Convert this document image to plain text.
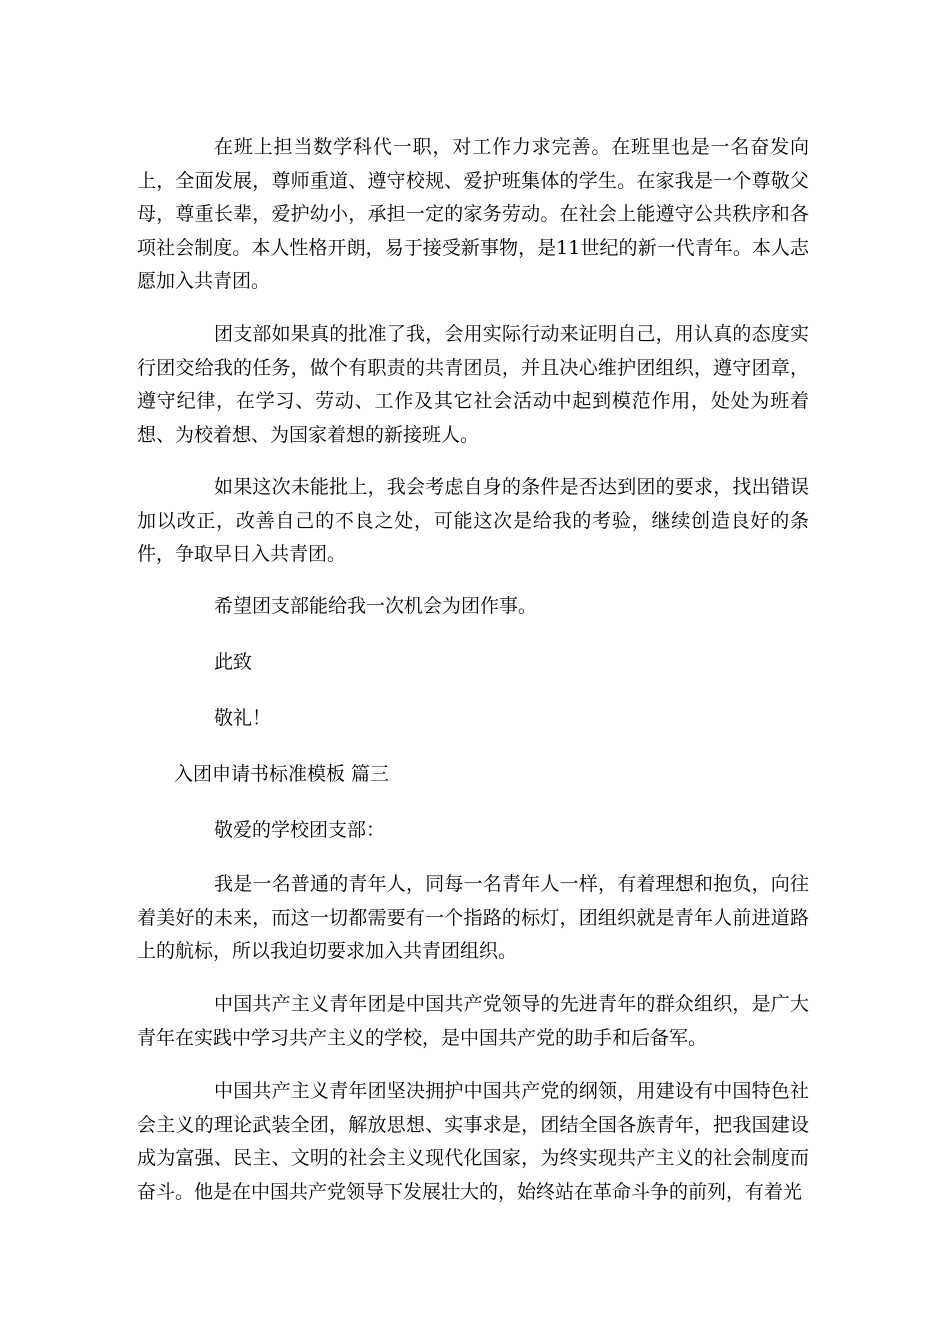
在班上担当数学科代一职，对工作力求完善。在班里也是一名奋发向上，全面发展，尊师重道、遵守校规、爱护班集体的学生。在家我是一个尊敬父母，尊重长辈，爱护幼小，承担一定的家务劳动。在社会上能遵守公共秩序和各项社会制度。本人性格开朗，易于接受新事物，是11世纪的新一代青年。本人志愿加入共青团。

团支部如果真的批准了我，会用实际行动来证明自己，用认真的态度实行团交给我的任务，做个有职责的共青团员，并且决心维护团组织，遵守团章，遵守纪律，在学习、劳动、工作及其它社会活动中起到模范作用，处处为班着想、为校着想、为国家着想的新接班人。

如果这次未能批上，我会考虑自身的条件是否达到团的要求，找出错误加以改正，改善自己的不良之处，可能这次是给我的考验，继续创造良好的条件，争取早日入共青团。

希望团支部能给我一次机会为团作事。

此致

敬礼！

入团申请书标准模板 篇三

敬爱的学校团支部：

我是一名普通的青年人，同每一名青年人一样，有着理想和抱负，向往着美好的未来，而这一切都需要有一个指路的标灯，团组织就是青年人前进道路上的航标，所以我迫切要求加入共青团组织。

中国共产主义青年团是中国共产党领导的先进青年的群众组织，是广大青年在实践中学习共产主义的学校，是中国共产党的助手和后备军。

中国共产主义青年团坚决拥护中国共产党的纲领，用建设有中国特色社会主义的理论武装全团，解放思想、实事求是，团结全国各族青年，把我国建设成为富强、民主、文明的社会主义现代化国家，为终实现共产主义的社会制度而奋斗。他是在中国共产党领导下发展壮大的，始终站在革命斗争的前列，有着光
